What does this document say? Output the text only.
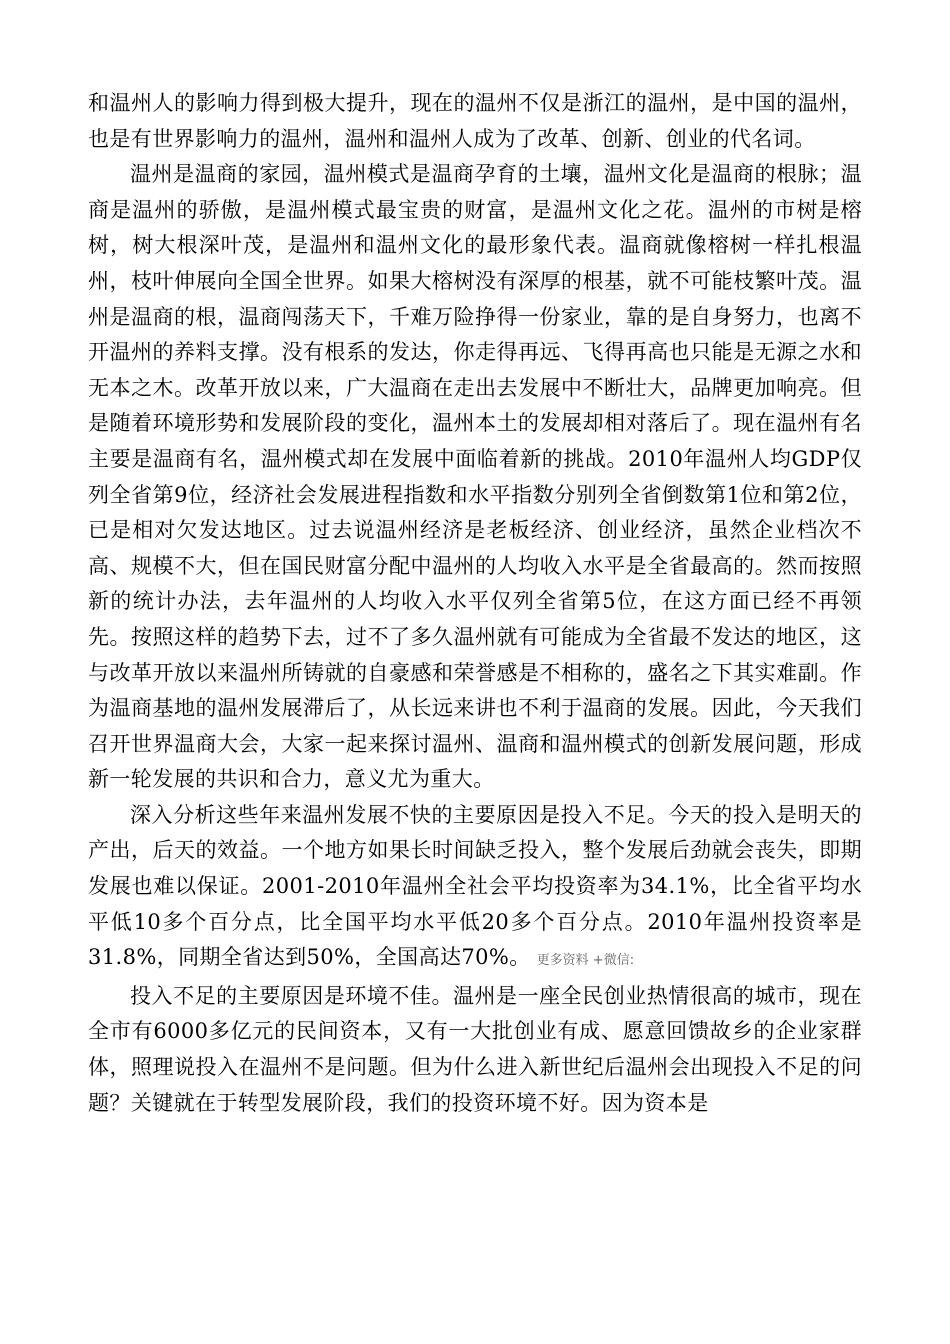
和温州人的影响力得到极大提升，现在的温州不仅是浙江的温州，是中国的温州，也是有世界影响力的温州，温州和温州人成为了改革、创新、创业的代名词。

温州是温商的家园，温州模式是温商孕育的土壤，温州文化是温商的根脉；温商是温州的骄傲，是温州模式最宝贵的财富，是温州文化之花。温州的市树是榕树，树大根深叶茂，是温州和温州文化的最形象代表。温商就像榕树一样扎根温州，枝叶伸展向全国全世界。如果大榕树没有深厚的根基，就不可能枝繁叶茂。温州是温商的根，温商闯荡天下，千难万险挣得一份家业，靠的是自身努力，也离不开温州的养料支撑。没有根系的发达，你走得再远、飞得再高也只能是无源之水和无本之木。改革开放以来，广大温商在走出去发展中不断壮大，品牌更加响亮。但是随着环境形势和发展阶段的变化，温州本土的发展却相对落后了。现在温州有名主要是温商有名，温州模式却在发展中面临着新的挑战。2010年温州人均GDP仅列全省第9位，经济社会发展进程指数和水平指数分别列全省倒数第1位和第2位，已是相对欠发达地区。过去说温州经济是老板经济、创业经济，虽然企业档次不高、规模不大，但在国民财富分配中温州的人均收入水平是全省最高的。然而按照新的统计办法，去年温州的人均收入水平仅列全省第5位，在这方面已经不再领先。按照这样的趋势下去，过不了多久温州就有可能成为全省最不发达的地区，这与改革开放以来温州所铸就的自豪感和荣誉感是不相称的，盛名之下其实难副。作为温商基地的温州发展滞后了，从长远来讲也不利于温商的发展。因此，今天我们召开世界温商大会，大家一起来探讨温州、温商和温州模式的创新发展问题，形成新一轮发展的共识和合力，意义尤为重大。

深入分析这些年来温州发展不快的主要原因是投入不足。今天的投入是明天的产出，后天的效益。一个地方如果长时间缺乏投入，整个发展后劲就会丧失，即期发展也难以保证。2001-2010年温州全社会平均投资率为34.1%，比全省平均水平低10多个百分点，比全国平均水平低20多个百分点。2010年温州投资率是31.8%，同期全省达到50%，全国高达70%。 更多资料 +微信:

投入不足的主要原因是环境不佳。温州是一座全民创业热情很高的城市，现在全市有6000多亿元的民间资本，又有一大批创业有成、愿意回馈故乡的企业家群体，照理说投入在温州不是问题。但为什么进入新世纪后温州会出现投入不足的问题？关键就在于转型发展阶段，我们的投资环境不好。因为资本是
